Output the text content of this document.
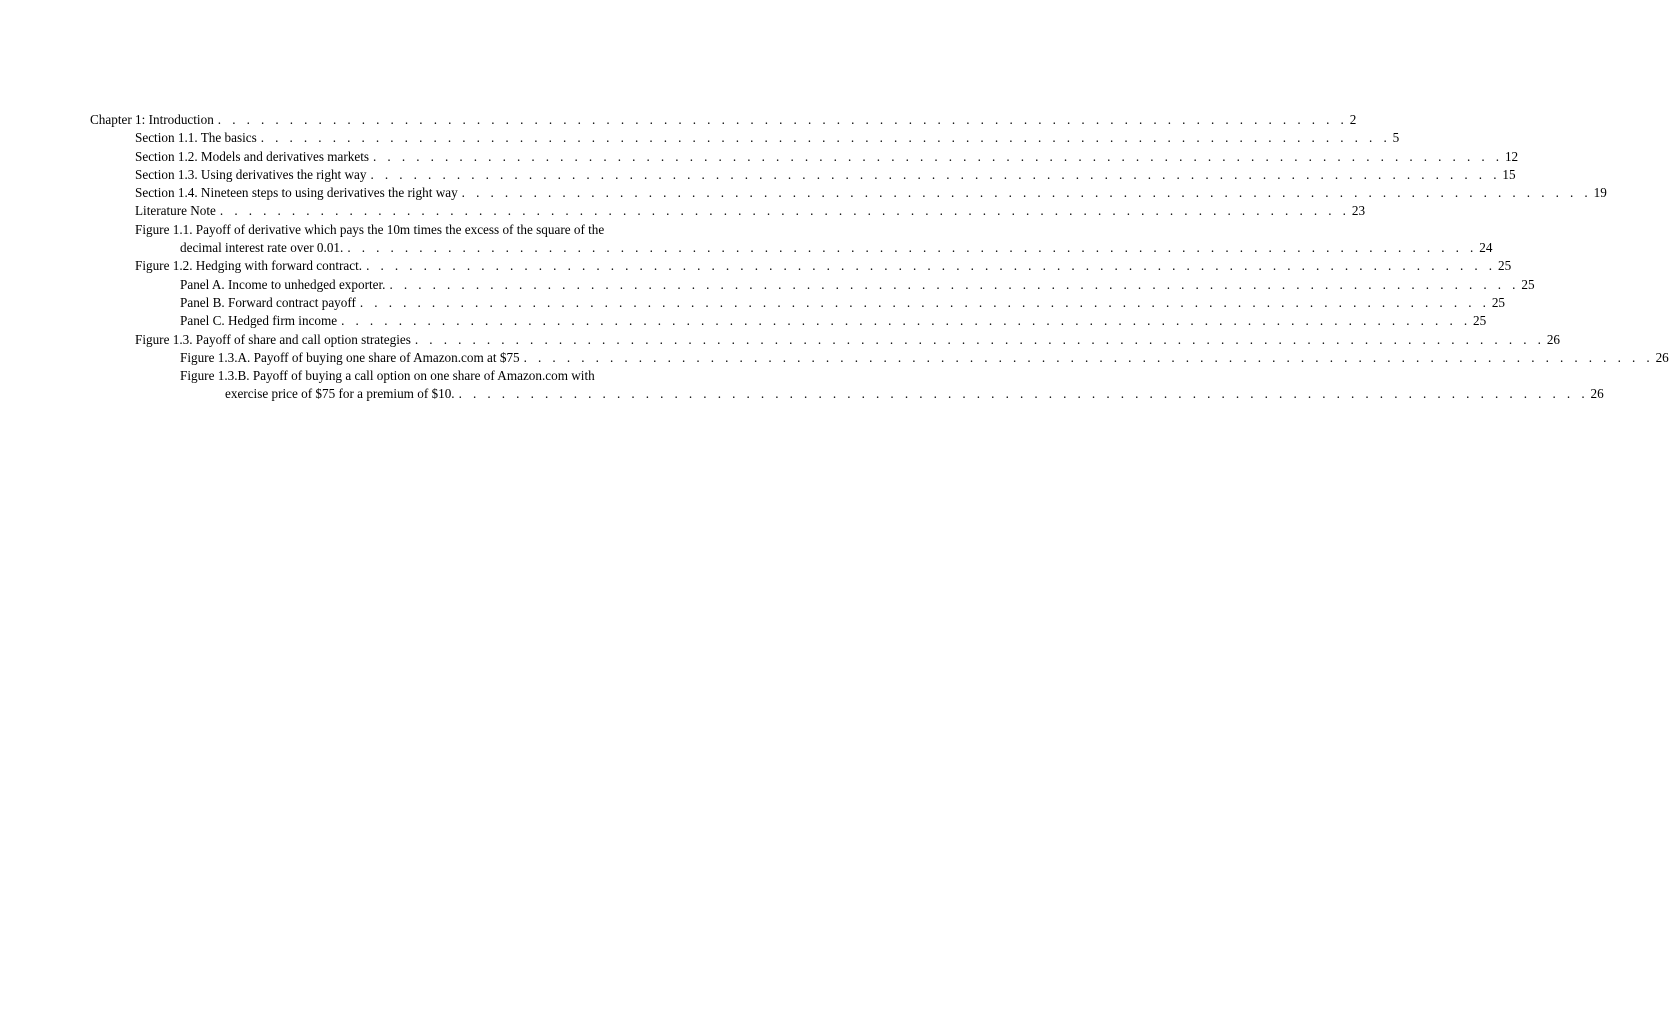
Chapter 1: Introduction . . . . . . . . . . . . . . . . . . . . . . . . . . . . . . . . . . . . . . . . . . . . . . . . . . . . . . . . . . . . . . . . . . . . . . . . . . . . . . . 2
Section 1.1. The basics . . . . . . . . . . . . . . . . . . . . . . . . . . . . . . . . . . . . . . . . . . . . . . . . . . . . . . . . . . . . . . . . . . . . . . . . . . . . . . . 5
Section 1.2. Models and derivatives markets . . . . . . . . . . . . . . . . . . . . . . . . . . . . . . . . . . . . . . . . . . . . . . . . . . . . . . . . . . . . . . . . . . . . . . . . . . . . . . . 12
Section 1.3. Using derivatives the right way . . . . . . . . . . . . . . . . . . . . . . . . . . . . . . . . . . . . . . . . . . . . . . . . . . . . . . . . . . . . . . . . . . . . . . . . . . . . . . . 15
Section 1.4. Nineteen steps to using derivatives the right way . . . . . . . . . . . . . . . . . . . . . . . . . . . . . . . . . . . . . . . . . . . . . . . . . . . . . . . . . . . . . . . . . . . . . . . . . . . . . . . 19
Literature Note . . . . . . . . . . . . . . . . . . . . . . . . . . . . . . . . . . . . . . . . . . . . . . . . . . . . . . . . . . . . . . . . . . . . . . . . . . . . . . . 23
Figure 1.1. Payoff of derivative which pays the 10m times the excess of the square of the
decimal interest rate over 0.01. . . . . . . . . . . . . . . . . . . . . . . . . . . . . . . . . . . . . . . . . . . . . . . . . . . . . . . . . . . . . . . . . . . . . . . . . . . . . . . . 24
Figure 1.2. Hedging with forward contract. . . . . . . . . . . . . . . . . . . . . . . . . . . . . . . . . . . . . . . . . . . . . . . . . . . . . . . . . . . . . . . . . . . . . . . . . . . . . . . . 25
Panel A. Income to unhedged exporter. . . . . . . . . . . . . . . . . . . . . . . . . . . . . . . . . . . . . . . . . . . . . . . . . . . . . . . . . . . . . . . . . . . . . . . . . . . . . . . . 25
Panel B. Forward contract payoff . . . . . . . . . . . . . . . . . . . . . . . . . . . . . . . . . . . . . . . . . . . . . . . . . . . . . . . . . . . . . . . . . . . . . . . . . . . . . . . 25
Panel C. Hedged firm income . . . . . . . . . . . . . . . . . . . . . . . . . . . . . . . . . . . . . . . . . . . . . . . . . . . . . . . . . . . . . . . . . . . . . . . . . . . . . . . 25
Figure 1.3. Payoff of share and call option strategies . . . . . . . . . . . . . . . . . . . . . . . . . . . . . . . . . . . . . . . . . . . . . . . . . . . . . . . . . . . . . . . . . . . . . . . . . . . . . . . 26
Figure 1.3.A. Payoff of buying one share of Amazon.com at $75 . . . . . . . . . . . . . . . . . . . . . . . . . . . . . . . . . . . . . . . . . . . . . . . . . . . . . . . . . . . . . . . . . . . . . . . . . . . . . . . 26
Figure 1.3.B. Payoff of buying a call option on one share of Amazon.com with
exercise price of $75 for a premium of $10. . . . . . . . . . . . . . . . . . . . . . . . . . . . . . . . . . . . . . . . . . . . . . . . . . . . . . . . . . . . . . . . . . . . . . . . . . . . . . . . 26
